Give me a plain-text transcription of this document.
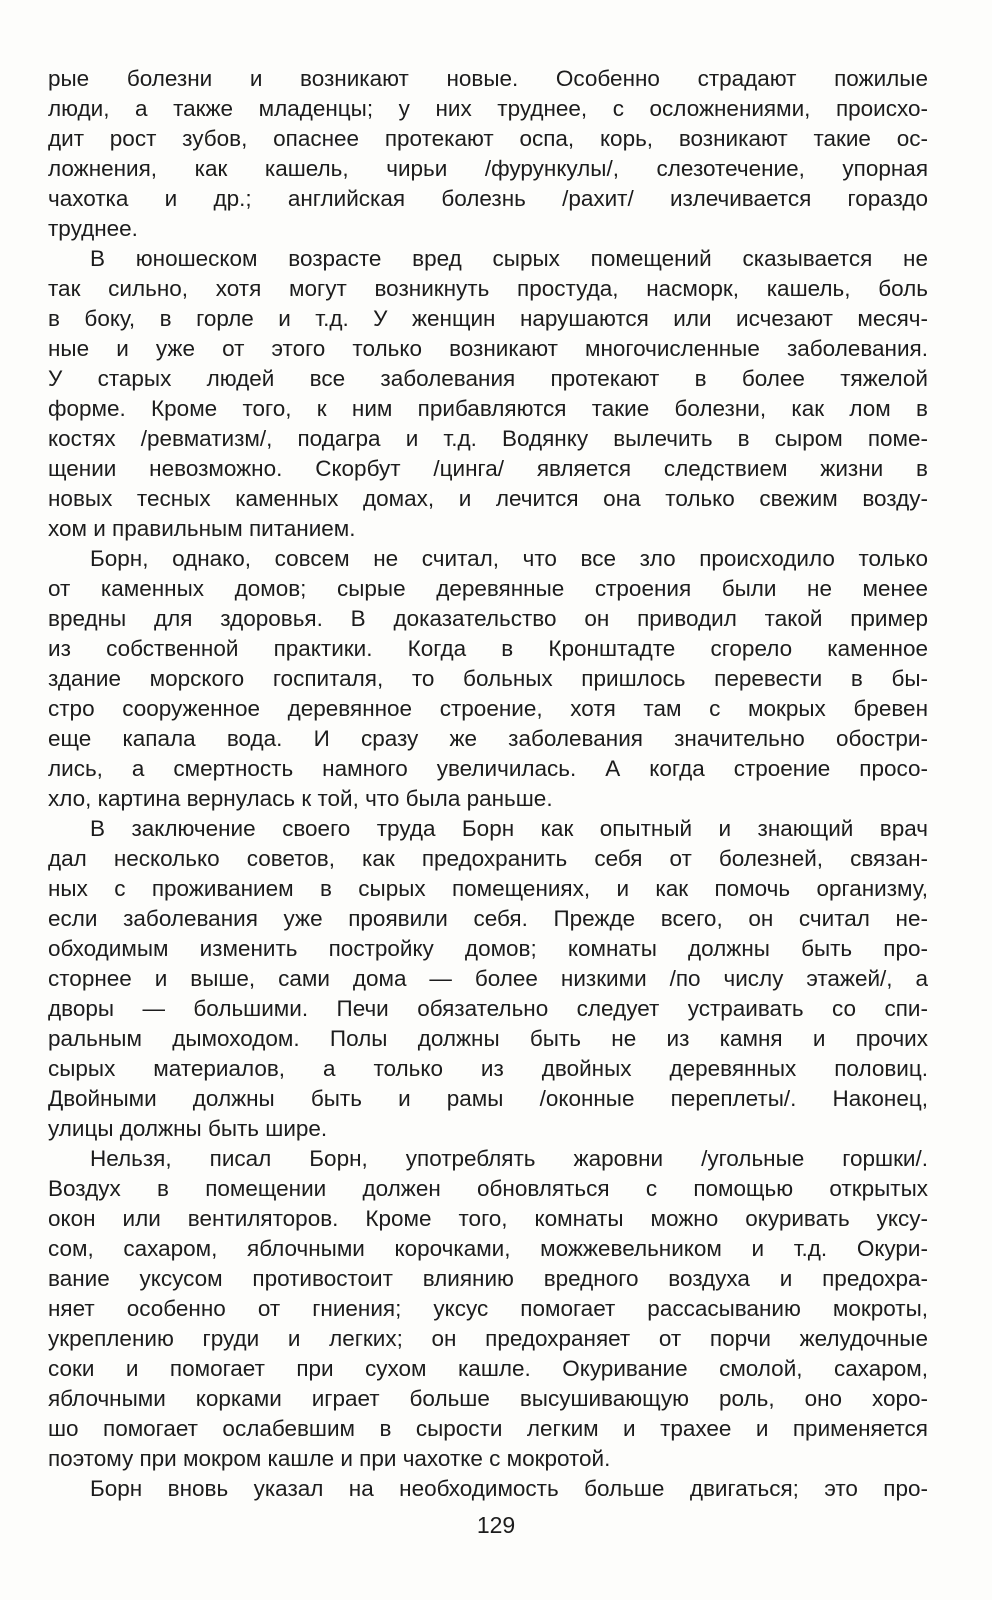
рые болезни и возникают новые. Особенно страдают пожилые
люди, а также младенцы; у них труднее, с осложнениями, происхо-
дит рост зубов, опаснее протекают оспа, корь, возникают такие ос-
ложнения, как кашель, чирьи /фурункулы/, слезотечение, упорная
чахотка и др.; английская болезнь /рахит/ излечивается гораздо
труднее.
В юношеском возрасте вред сырых помещений сказывается не
так сильно, хотя могут возникнуть простуда, насморк, кашель, боль
в боку, в горле и т.д. У женщин нарушаются или исчезают месяч-
ные и уже от этого только возникают многочисленные заболевания.
У старых людей все заболевания протекают в более тяжелой
форме. Кроме того, к ним прибавляются такие болезни, как лом в
костях /ревматизм/, подагра и т.д. Водянку вылечить в сыром поме-
щении невозможно. Скорбут /цинга/ является следствием жизни в
новых тесных каменных домах, и лечится она только свежим возду-
хом и правильным питанием.
Борн, однако, совсем не считал, что все зло происходило только
от каменных домов; сырые деревянные строения были не менее
вредны для здоровья. В доказательство он приводил такой пример
из собственной практики. Когда в Кронштадте сгорело каменное
здание морского госпиталя, то больных пришлось перевести в бы-
стро сооруженное деревянное строение, хотя там с мокрых бревен
еще капала вода. И сразу же заболевания значительно обостри-
лись, а смертность намного увеличилась. А когда строение просо-
хло, картина вернулась к той, что была раньше.
В заключение своего труда Борн как опытный и знающий врач
дал несколько советов, как предохранить себя от болезней, связан-
ных с проживанием в сырых помещениях, и как помочь организму,
если заболевания уже проявили себя. Прежде всего, он считал не-
обходимым изменить постройку домов; комнаты должны быть про-
сторнее и выше, сами дома — более низкими /по числу этажей/, а
дворы — большими. Печи обязательно следует устраивать со спи-
ральным дымоходом. Полы должны быть не из камня и прочих
сырых материалов, а только из двойных деревянных половиц.
Двойными должны быть и рамы /оконные переплеты/. Наконец,
улицы должны быть шире.
Нельзя, писал Борн, употреблять жаровни /угольные горшки/.
Воздух в помещении должен обновляться с помощью открытых
окон или вентиляторов. Кроме того, комнаты можно окуривать уксу-
сом, сахаром, яблочными корочками, можжевельником и т.д. Окури-
вание уксусом противостоит влиянию вредного воздуха и предохра-
няет особенно от гниения; уксус помогает рассасыванию мокроты,
укреплению груди и легких; он предохраняет от порчи желудочные
соки и помогает при сухом кашле. Окуривание смолой, сахаром,
яблочными корками играет больше высушивающую роль, оно хоро-
шо помогает ослабевшим в сырости легким и трахее и применяется
поэтому при мокром кашле и при чахотке с мокротой.
Борн вновь указал на необходимость больше двигаться; это про-
129
